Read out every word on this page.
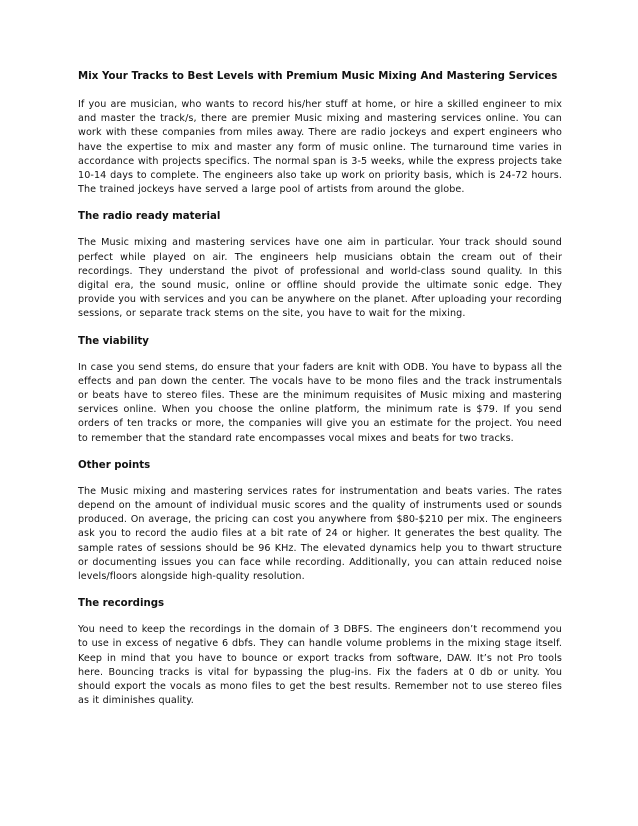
Mix Your Tracks to Best Levels with Premium Music Mixing And Mastering Services

If you are musician, who wants to record his/her stuff at home, or hire a skilled engineer to mix and master the track/s, there are premier Music mixing and mastering services online. You can work with these companies from miles away. There are radio jockeys and expert engineers who have the expertise to mix and master any form of music online. The turnaround time varies in accordance with projects specifics. The normal span is 3-5 weeks, while the express projects take 10-14 days to complete. The engineers also take up work on priority basis, which is 24-72 hours. The trained jockeys have served a large pool of artists from around the globe.

The radio ready material

The Music mixing and mastering services have one aim in particular. Your track should sound perfect while played on air. The engineers help musicians obtain the cream out of their recordings. They understand the pivot of professional and world-class sound quality. In this digital era, the sound music, online or offline should provide the ultimate sonic edge. They provide you with services and you can be anywhere on the planet. After uploading your recording sessions, or separate track stems on the site, you have to wait for the mixing.

The viability

In case you send stems, do ensure that your faders are knit with ODB. You have to bypass all the effects and pan down the center. The vocals have to be mono files and the track instrumentals or beats have to stereo files. These are the minimum requisites of Music mixing and mastering services online. When you choose the online platform, the minimum rate is $79. If you send orders of ten tracks or more, the companies will give you an estimate for the project. You need to remember that the standard rate encompasses vocal mixes and beats for two tracks.

Other points

The Music mixing and mastering services rates for instrumentation and beats varies. The rates depend on the amount of individual music scores and the quality of instruments used or sounds produced. On average, the pricing can cost you anywhere from $80-$210 per mix. The engineers ask you to record the audio files at a bit rate of 24 or higher. It generates the best quality. The sample rates of sessions should be 96 KHz. The elevated dynamics help you to thwart structure or documenting issues you can face while recording. Additionally, you can attain reduced noise levels/floors alongside high-quality resolution.

The recordings

You need to keep the recordings in the domain of 3 DBFS. The engineers don’t recommend you to use in excess of negative 6 dbfs. They can handle volume problems in the mixing stage itself. Keep in mind that you have to bounce or export tracks from software, DAW. It’s not Pro tools here. Bouncing tracks is vital for bypassing the plug-ins. Fix the faders at 0 db or unity. You should export the vocals as mono files to get the best results. Remember not to use stereo files as it diminishes quality.
